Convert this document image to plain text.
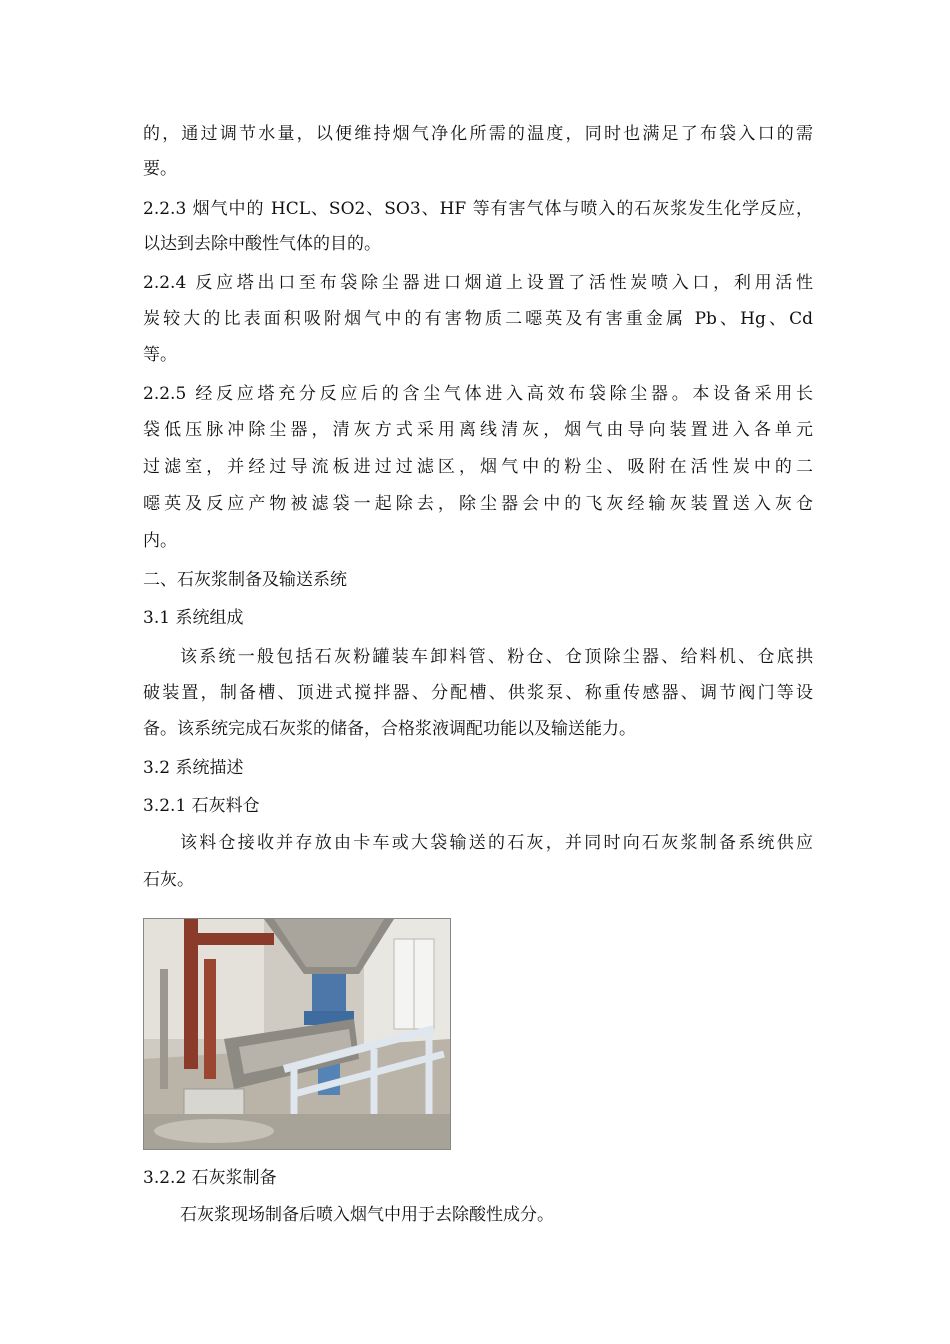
的，通过调节水量，以便维持烟气净化所需的温度，同时也满足了布袋入口的需
要。
2.2.3 烟气中的 HCL、SO2、SO3、HF 等有害气体与喷入的石灰浆发生化学反应，
以达到去除中酸性气体的目的。
2.2.4 反应塔出口至布袋除尘器进口烟道上设置了活性炭喷入口，利用活性
炭较大的比表面积吸附烟气中的有害物质二噁英及有害重金属 Pb、Hg、Cd
等。
2.2.5 经反应塔充分反应后的含尘气体进入高效布袋除尘器。本设备采用长
袋低压脉冲除尘器，清灰方式采用离线清灰，烟气由导向装置进入各单元
过滤室，并经过导流板进过过滤区，烟气中的粉尘、吸附在活性炭中的二
噁英及反应产物被滤袋一起除去，除尘器会中的飞灰经输灰装置送入灰仓
内。
二、石灰浆制备及输送系统
3.1 系统组成
该系统一般包括石灰粉罐装车卸料管、粉仓、仓顶除尘器、给料机、仓底拱
破装置，制备槽、顶进式搅拌器、分配槽、供浆泵、称重传感器、调节阀门等设
备。该系统完成石灰浆的储备，合格浆液调配功能以及输送能力。
3.2 系统描述
3.2.1 石灰料仓
该料仓接收并存放由卡车或大袋输送的石灰，并同时向石灰浆制备系统供应
石灰。
3.2.2 石灰浆制备
石灰浆现场制备后喷入烟气中用于去除酸性成分。
